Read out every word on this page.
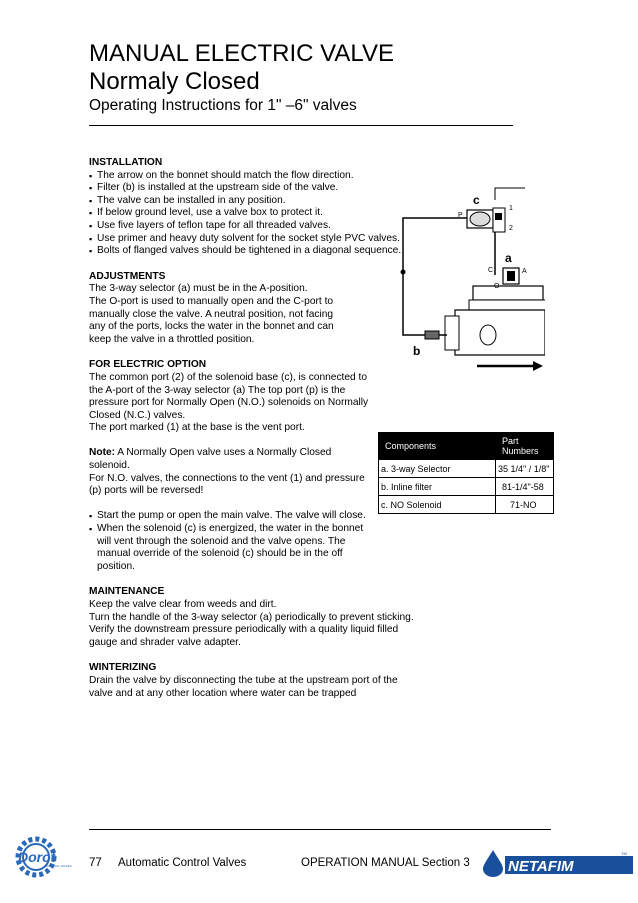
MANUAL ELECTRIC VALVE
Normaly Closed
Operating Instructions for 1" –6" valves

INSTALLATION

▪ The arrow on the bonnet should match the flow direction.
▪ Filter (b) is installed at the upstream side of the valve.
▪ The valve can be installed in any position.
▪ If below ground level, use a valve box to protect it.
▪ Use five layers of teflon tape for all threaded valves.
▪ Use primer and heavy duty solvent for the socket style PVC valves.
▪ Bolts of flanged valves should be tightened in a diagonal sequence.

ADJUSTMENTS

The 3-way selector (a) must be in the A-position.

The O-port is used to manually open and the C-port to manually close the valve. A neutral position, not facing any of the ports, locks the water in the bonnet and can keep the valve in a throttled position.

FOR ELECTRIC OPTION

The common port (2) of the solenoid base (c), is connected to the A-port of the 3-way selector (a) The top port (p) is the pressure port for Normally Open (N.O.) solenoids on Normally Closed (N.C.) valves.

The port marked (1) at the base is the vent port.

Note: A Normally Open valve uses a Normally Closed solenoid.

For N.O. valves, the connections to the vent (1) and pressure (p) ports will be reversed!

▪ Start the pump or open the main valve. The valve will close.
▪ When the solenoid (c) is energized, the water in the bonnet will vent through the solenoid and the valve opens. The manual override of the solenoid (c) should be in the off position.

MAINTENANCE

Keep the valve clear from weeds and dirt.

Turn the handle of the 3-way selector (a) periodically to prevent sticking.

Verify the downstream pressure periodically with a quality liquid filled gauge and shrader valve adapter.

WINTERIZING

Drain the valve by disconnecting the tube at the upstream port of the valve and at any other location where water can be trapped

c
P
1
2
a
C	A
O
b
Components	Part Numbers
a. 3-way Selector	35 1/4" / 1/8"
b. Inline filter	81-1/4"-58
c. NO Solenoid	71-NO
Dorot
CONTROL VALVES 77 Automatic Control Valves	OPERATION MANUAL Section 3	NETAFIM
TM
